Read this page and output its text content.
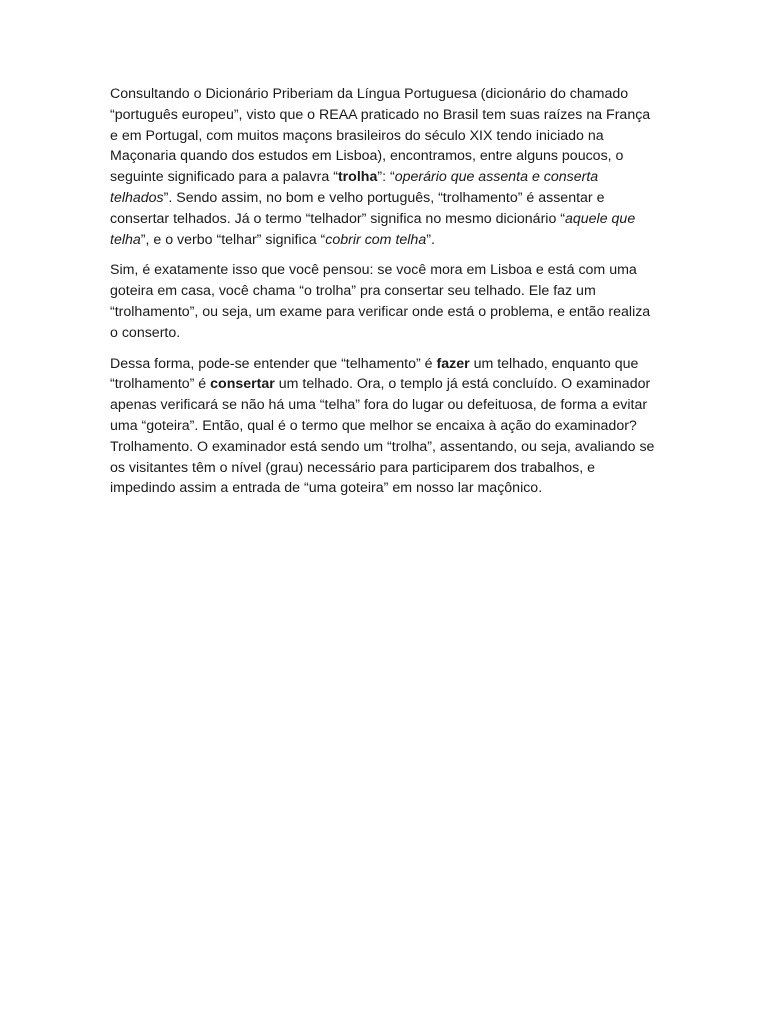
Consultando o Dicionário Priberiam da Língua Portuguesa (dicionário do chamado “português europeu”, visto que o REAA praticado no Brasil tem suas raízes na França e em Portugal, com muitos maçons brasileiros do século XIX tendo iniciado na Maçonaria quando dos estudos em Lisboa), encontramos, entre alguns poucos, o seguinte significado para a palavra “trolha”: “operário que assenta e conserta telhados”. Sendo assim, no bom e velho português, “trolhamento” é assentar e consertar telhados. Já o termo “telhador” significa no mesmo dicionário “aquele que telha”, e o verbo “telhar” significa “cobrir com telha”.

Sim, é exatamente isso que você pensou: se você mora em Lisboa e está com uma goteira em casa, você chama “o trolha” pra consertar seu telhado. Ele faz um “trolhamento”, ou seja, um exame para verificar onde está o problema, e então realiza o conserto.

Dessa forma, pode-se entender que “telhamento” é fazer um telhado, enquanto que “trolhamento” é consertar um telhado. Ora, o templo já está concluído. O examinador apenas verificará se não há uma “telha” fora do lugar ou defeituosa, de forma a evitar uma “goteira”. Então, qual é o termo que melhor se encaixa à ação do examinador? Trolhamento. O examinador está sendo um “trolha”, assentando, ou seja, avaliando se os visitantes têm o nível (grau) necessário para participarem dos trabalhos, e impedindo assim a entrada de “uma goteira” em nosso lar maçônico.
